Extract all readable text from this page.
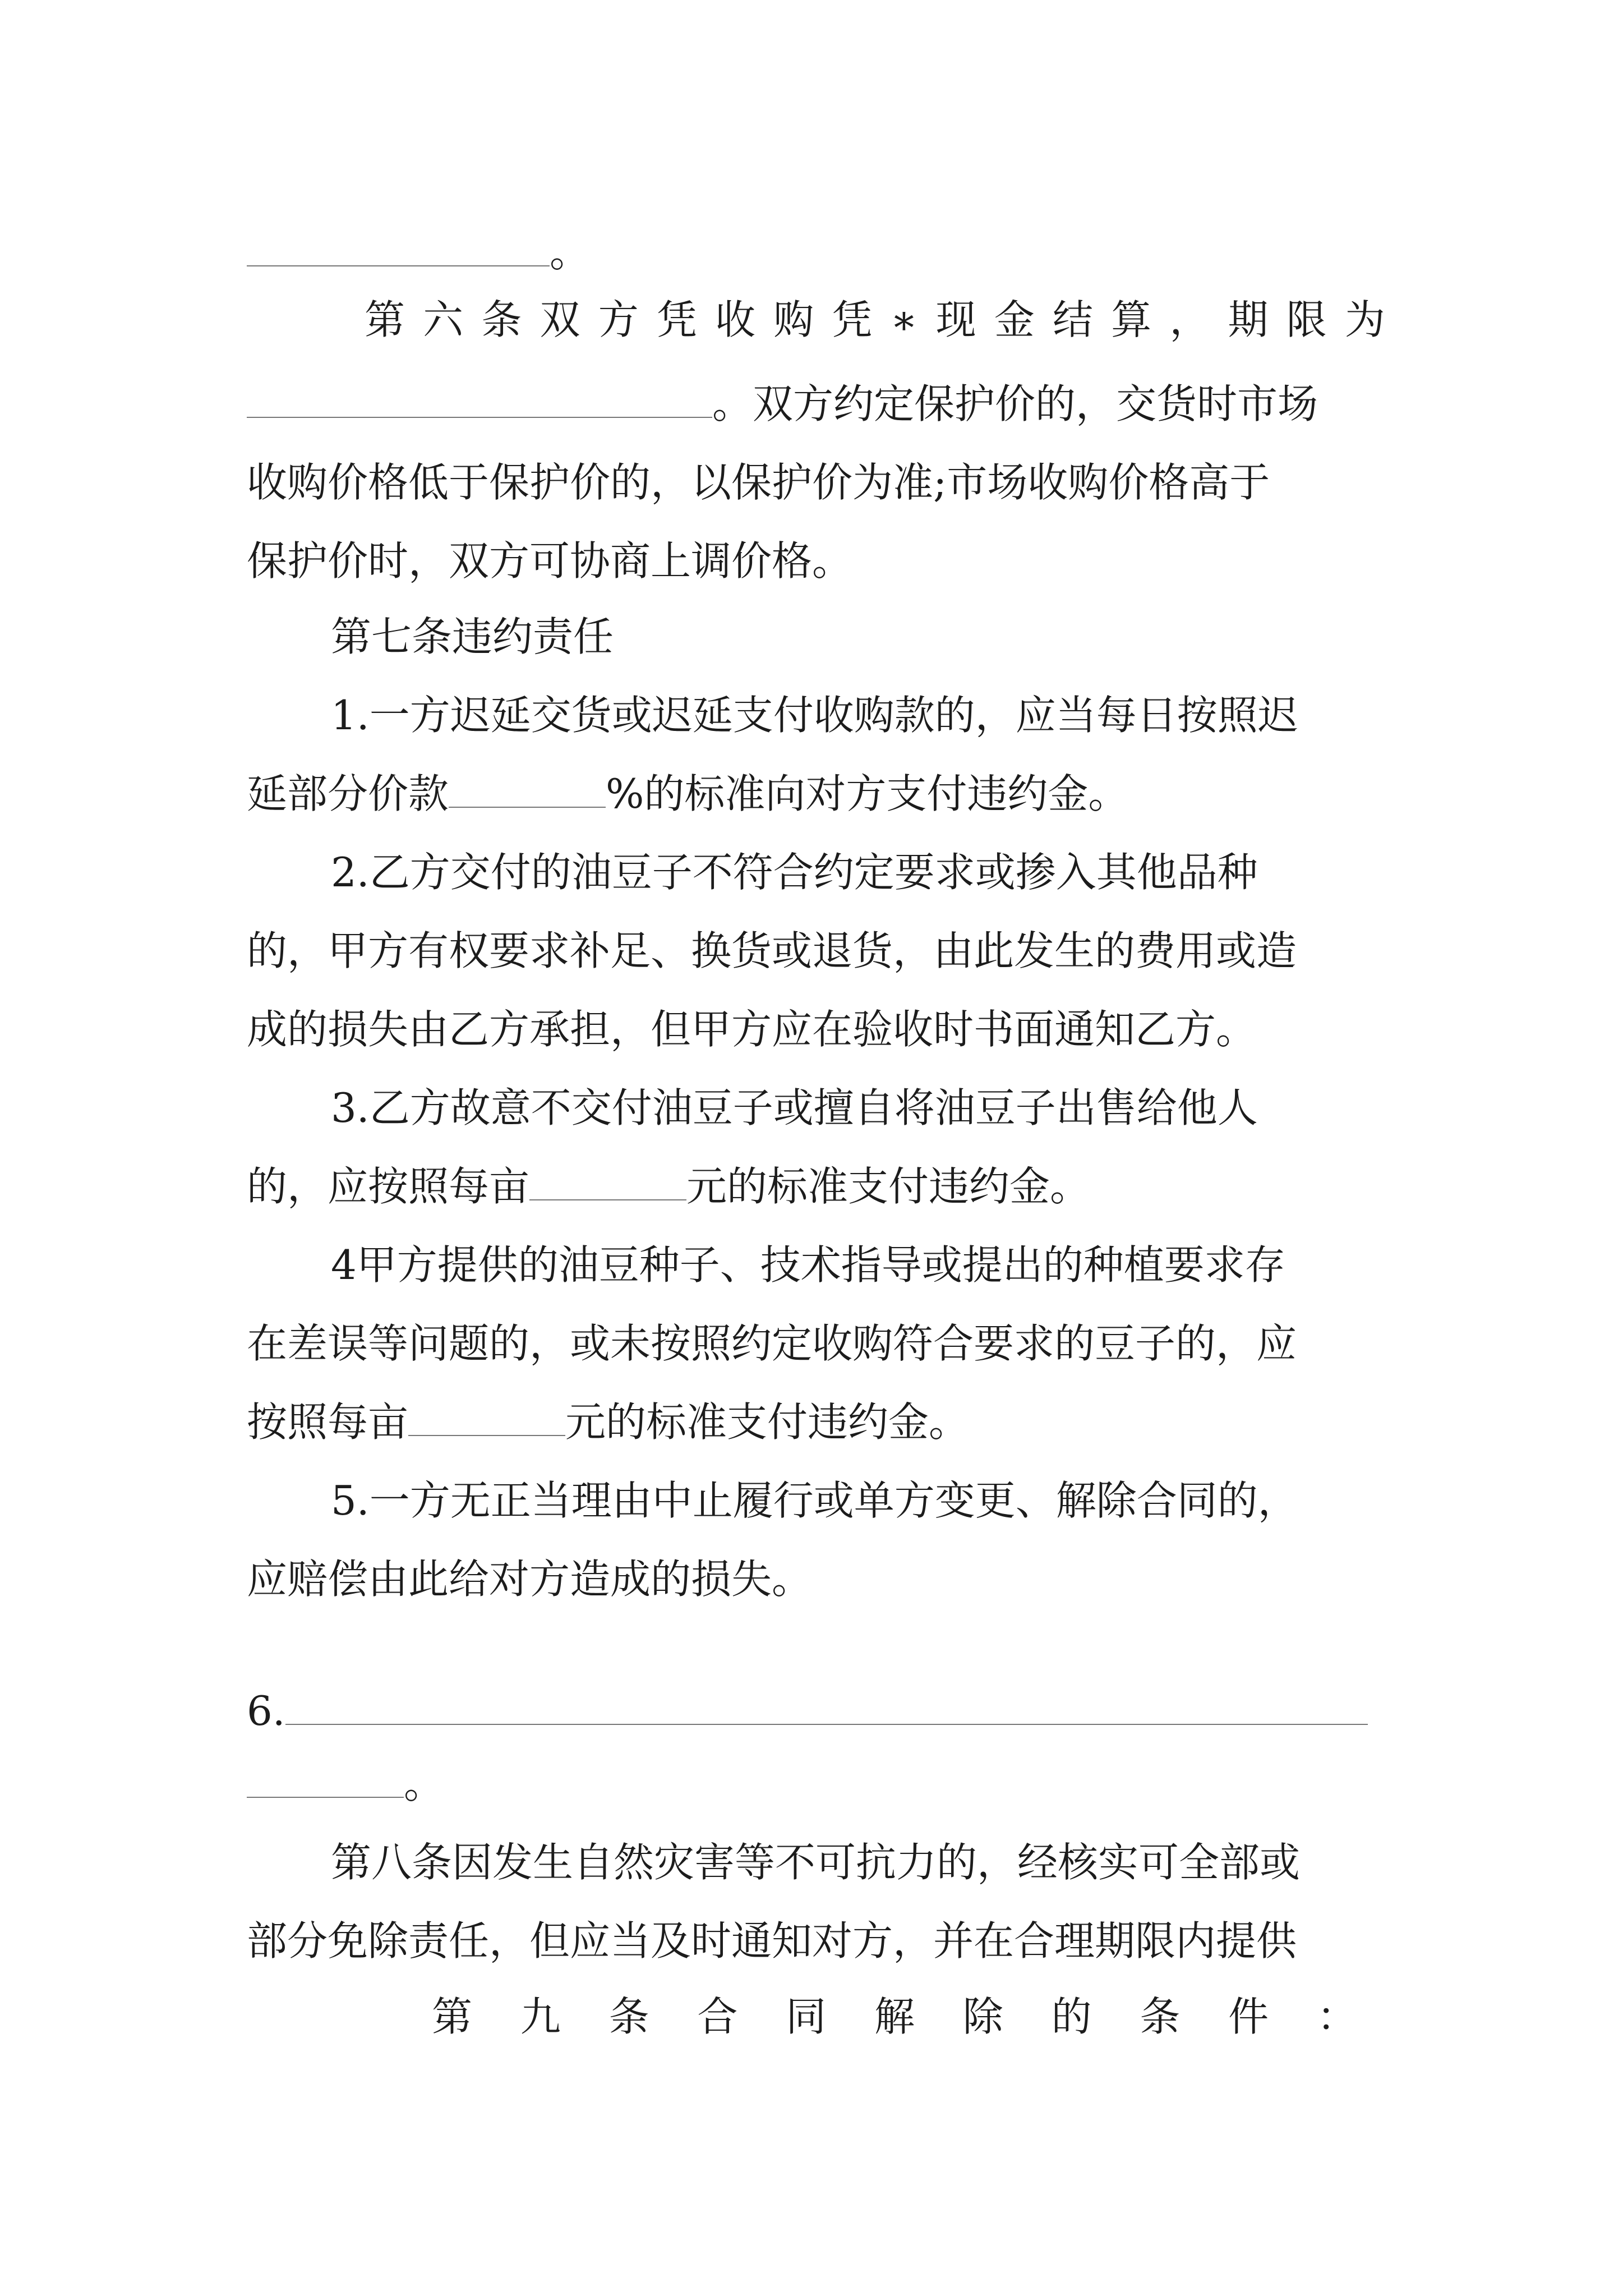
。
第 六 条 双 方 凭 收 购 凭 ∗ 现 金 结 算 ， 期 限 为
。双方约定保护价的，交货时市场
收购价格低于保护价的，以保护价为准;市场收购价格高于
保护价时，双方可协商上调价格。
第七条违约责任
1.一方迟延交货或迟延支付收购款的，应当每日按照迟
延部分价款	%的标准向对方支付违约金。
2.乙方交付的油豆子不符合约定要求或掺入其他品种
的，甲方有权要求补足、换货或退货，由此发生的费用或造
成的损失由乙方承担，但甲方应在验收时书面通知乙方。
3.乙方故意不交付油豆子或擅自将油豆子出售给他人
的，应按照每亩	元的标准支付违约金。
4甲方提供的油豆种子、技术指导或提出的种植要求存
在差误等问题的，或未按照约定收购符合要求的豆子的，应
按照每亩	元的标准支付违约金。
5.一方无正当理由中止履行或单方变更、解除合同的，
应赔偿由此给对方造成的损失。
6.
。
第八条因发生自然灾害等不可抗力的，经核实可全部或
部分免除责任，但应当及时通知对方，并在合理期限内提供
第 九 条 合 同 解 除 的 条 件 ：
